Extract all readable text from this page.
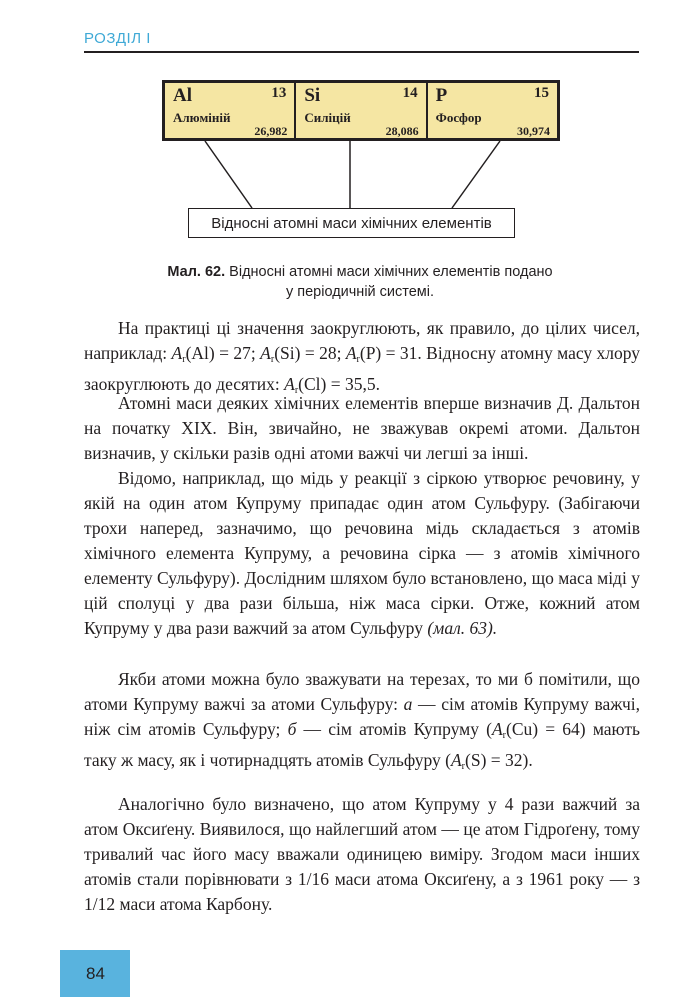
РОЗДІЛ І
Al	13
Алюміній
26,982
Si	14
Силіцій
28,086
P	15
Фосфор
30,974
Відносні атомні маси хімічних елементів
Мал. 62. Відносні атомні маси хімічних елементів подано
у періодичній системі.
На практиці ці значення заокруглюють, як правило, до цілих чисел, наприклад: $A_r(Al) = 27$; $A_r(Si) = 28$; $A_r(P) = 31$. Відносну атомну масу хлору заокруглюють до десятих: $A_r(Cl) = 35,5$.
Атомні маси деяких хімічних елементів вперше визначив Д. Дальтон на початку XIX. Він, звичайно, не зважував окремі атоми. Дальтон визначив, у скільки разів одні атоми важчі чи легші за інші.
Відомо, наприклад, що мідь у реакції з сіркою утворює речовину, у якій на один атом Купруму припадає один атом Сульфуру. (Забігаючи трохи наперед, зазначимо, що речовина мідь складається з атомів хімічного елемента Купруму, а речовина сірка — з атомів хімічного елементу Сульфуру). Дослідним шляхом було встановлено, що маса міді у цій сполуці у два рази більша, ніж маса сірки. Отже, кожний атом Купруму у два рази важчий за атом Сульфуру (мал. 63).
Якби атоми можна було зважувати на терезах, то ми б помітили, що атоми Купруму важчі за атоми Сульфуру: а — сім атомів Купруму важчі, ніж сім атомів Сульфуру; б — сім атомів Купруму $(A_r(Cu) = 64)$ мають таку ж масу, як і чотирнадцять атомів Сульфуру $(A_r(S) = 32)$.
Аналогічно було визначено, що атом Купруму у 4 рази важчий за атом Оксиґену. Виявилося, що найлегший атом — це атом Гідроґену, тому тривалий час його масу вважали одиницею виміру. Згодом маси інших атомів стали порівнювати з 1/16 маси атома Оксиґену, а з 1961 року — з 1/12 маси атома Карбону.
84
